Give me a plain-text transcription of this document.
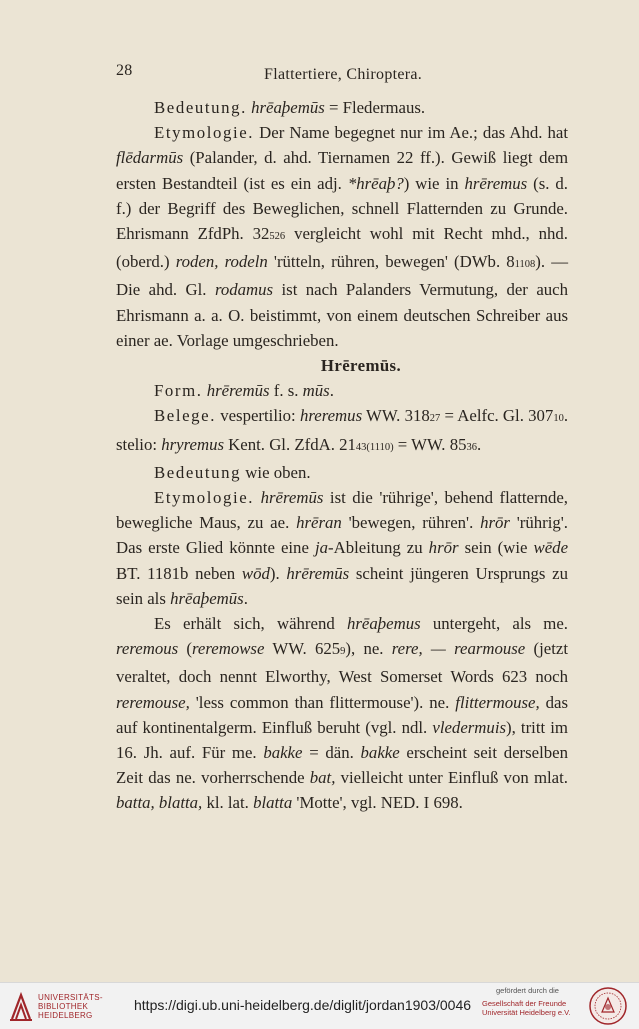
28	Flattertiere, Chiroptera.

Bedeutung. hrēaþemūs = Fledermaus.

Etymologie. Der Name begegnet nur im Ae.; das Ahd. hat flēdarmūs (Palander, d. ahd. Tiernamen 22 ff.). Gewiß liegt dem ersten Bestandteil (ist es ein adj. *hrēaþ?) wie in hrēremus (s. d. f.) der Begriff des Beweglichen, schnell Flatternden zu Grunde. Ehrismann ZfdPh. 32526 vergleicht wohl mit Recht mhd., nhd. (oberd.) roden, rodeln 'rütteln, rühren, bewegen' (DWb. 81108). — Die ahd. Gl. rodamus ist nach Palanders Vermutung, der auch Ehrismann a. a. O. beistimmt, von einem deutschen Schreiber aus einer ae. Vorlage umgeschrieben.

Hrēremūs.

Form. hrēremūs f. s. mūs.

Belege. vespertilio: hreremus WW. 31827 = Aelfc. Gl. 30710. stelio: hryremus Kent. Gl. ZfdA. 2143(1110) = WW. 8536.

Bedeutung wie oben.

Etymologie. hrēremūs ist die 'rührige', behend flatternde, bewegliche Maus, zu ae. hrēran 'bewegen, rühren'. hrōr 'rührig'. Das erste Glied könnte eine ja-Ableitung zu hrōr sein (wie wēde BT. 1181b neben wōd). hrēremūs scheint jüngeren Ursprungs zu sein als hrēaþemūs.

Es erhält sich, während hrēaþemus untergeht, als me. reremous (reremowse WW. 6259), ne. rere, — rearmouse (jetzt veraltet, doch nennt Elworthy, West Somerset Words 623 noch reremouse, 'less common than flittermouse'). ne. flittermouse, das auf kontinentalgerm. Einfluß beruht (vgl. ndl. vledermuis), tritt im 16. Jh. auf. Für me. bakke = dän. bakke erscheint seit derselben Zeit das ne. vorherrschende bat, vielleicht unter Einfluß von mlat. batta, blatta, kl. lat. blatta 'Motte', vgl. NED. I 698.

UNIVERSITÄTS-
BIBLIOTHEK
HEIDELBERG
https://digi.ub.uni-heidelberg.de/diglit/jordan1903/0046
gefördert durch die
Gesellschaft der Freunde
Universität Heidelberg e.V.
